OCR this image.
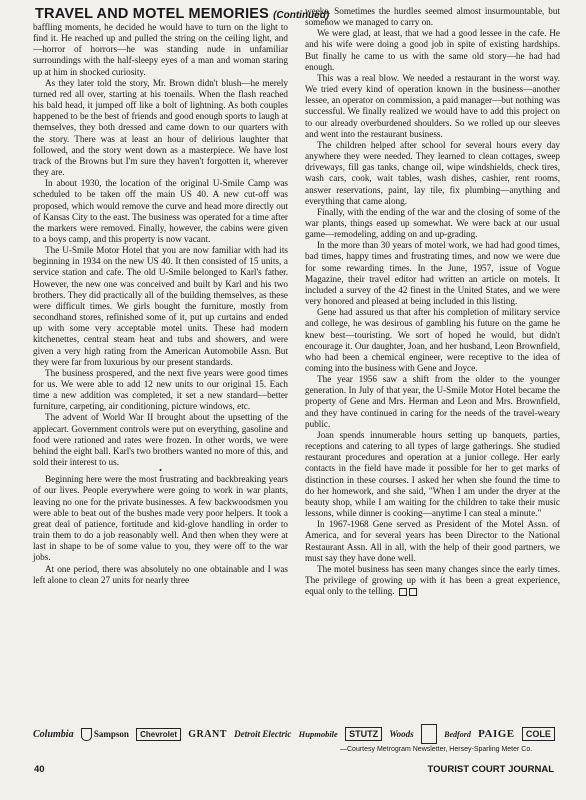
TRAVEL AND MOTEL MEMORIES (Continued)

baffling moments, he decided he would have to turn on the light to find it. He reached up and pulled the string on the ceiling light, and—horror of horrors—he was standing nude in unfamiliar surroundings with the half-sleepy eyes of a man and woman staring up at him in shocked curiosity.

As they later told the story, Mr. Brown didn't blush—he merely turned red all over, starting at his toenails. When the flash reached his bald head, it jumped off like a bolt of lightning. As both couples happened to be the best of friends and good enough sports to laugh at themselves, they both dressed and came down to our quarters with the story. There was at least an hour of delirious laughter that followed, and the story went down as a masterpiece. We have lost track of the Browns but I'm sure they haven't forgotten it, wherever they are.

In about 1930, the location of the original U-Smile Camp was scheduled to be taken off the main US 40. A new cut-off was proposed, which would remove the curve and head more directly out of Kansas City to the east. The business was operated for a time after the markers were removed. Finally, however, the cabins were given to a boys camp, and this property is now vacant.

The U-Smile Motor Hotel that you are now familiar with had its beginning in 1934 on the new US 40. It then consisted of 15 units, a service station and cafe. The old U-Smile belonged to Karl's father. However, the new one was conceived and built by Karl and his two brothers. They did practically all of the building themselves, as these were difficult times. We girls bought the furniture, mostly from secondhand stores, refinished some of it, put up curtains and ended up with some very acceptable motel units. These had modern kitchenettes, central steam heat and tubs and showers, and were given a very high rating from the American Automobile Assn. But they were far from luxurious by our present standards.

The business prospered, and the next five years were good times for us. We were able to add 12 new units to our original 15. Each time a new addition was completed, it set a new standard—better furniture, carpeting, air conditioning, picture windows, etc.

The advent of World War II brought about the upsetting of the applecart. Government controls were put on everything, gasoline and food were rationed and rates were frozen. In other words, we were behind the eight ball. Karl's two brothers wanted no more of this, and sold their interest to us.

•

Beginning here were the most frustrating and backbreaking years of our lives. People everywhere were going to work in war plants, leaving no one for the private businesses. A few backwoodsmen you were able to beat out of the bushes made very poor helpers. It took a great deal of patience, fortitude and kid-glove handling in order to train them to do a job reasonably well. And then when they were at last in shape to be of some value to you, they were off to the war jobs.

At one period, there was absolutely no one obtainable and I was left alone to clean 27 units for nearly three

weeks. Sometimes the hurdles seemed almost insurmountable, but somehow we managed to carry on.

We were glad, at least, that we had a good lessee in the cafe. He and his wife were doing a good job in spite of existing hardships. But finally he came to us with the same old story—he had had enough.

This was a real blow. We needed a restaurant in the worst way. We tried every kind of operation known in the business—another lessee, an operator on commission, a paid manager—but nothing was successful. We finally realized we would have to add this project on to our already overburdened shoulders. So we rolled up our sleeves and went into the restaurant business.

The children helped after school for several hours every day anywhere they were needed. They learned to clean cottages, sweep driveways, fill gas tanks, change oil, wipe windshields, check tires, wash cars, cook, wait tables, wash dishes, cashier, rent rooms, answer reservations, paint, lay tile, fix plumbing—anything and everything that came along.

Finally, with the ending of the war and the closing of some of the war plants, things eased up somewhat. We were back at our usual game—remodeling, adding on and up-grading.

In the more than 30 years of motel work, we had had good times, bad times, happy times and frustrating times, and now we were due for some rewarding times. In the June, 1957, issue of Vogue Magazine, their travel editor had written an article on motels. It included a survey of the 42 finest in the United States, and we were very honored and pleased at being included in this listing.

Gene had assured us that after his completion of military service and college, he was desirous of gambling his future on the game he knew best—touristing. We sort of hoped he would, but didn't encourage it. Our daughter, Joan, and her husband, Leon Brownfield, who had been a chemical engineer, were receptive to the idea of coming into the business with Gene and Joyce.

The year 1956 saw a shift from the older to the younger generation. In July of that year, the U-Smile Motor Hotel became the property of Gene and Mrs. Herman and Leon and Mrs. Brownfield, and they have continued in caring for the needs of the travel-weary public.

Joan spends innumerable hours setting up banquets, parties, receptions and catering to all types of large gatherings. She studied restaurant procedures and operation at a junior college. Her early contacts in the field have made it possible for her to get marks of distinction in these courses. I asked her when she found the time to do her homework, and she said, "When I am under the dryer at the beauty shop, while I am waiting for the children to take their music lessons, while dinner is cooking—anytime I can steal a minute."

In 1967-1968 Gene served as President of the Motel Assn. of America, and for several years has been Director to the National Restaurant Assn. All in all, with the help of their good partners, we must say they have done well.

The motel business has seen many changes since the early times. The privilege of growing up with it has been a great experience, equal only to the telling.

Columbia Sampson	Chevrolet	GRANT Detroit Electric Hupmobile	STUTZ	Woods	Bedford PAIGE	COLE
—Courtesy Metrogram Newsletter, Hersey-Sparling Meter Co.
40	TOURIST COURT JOURNAL
